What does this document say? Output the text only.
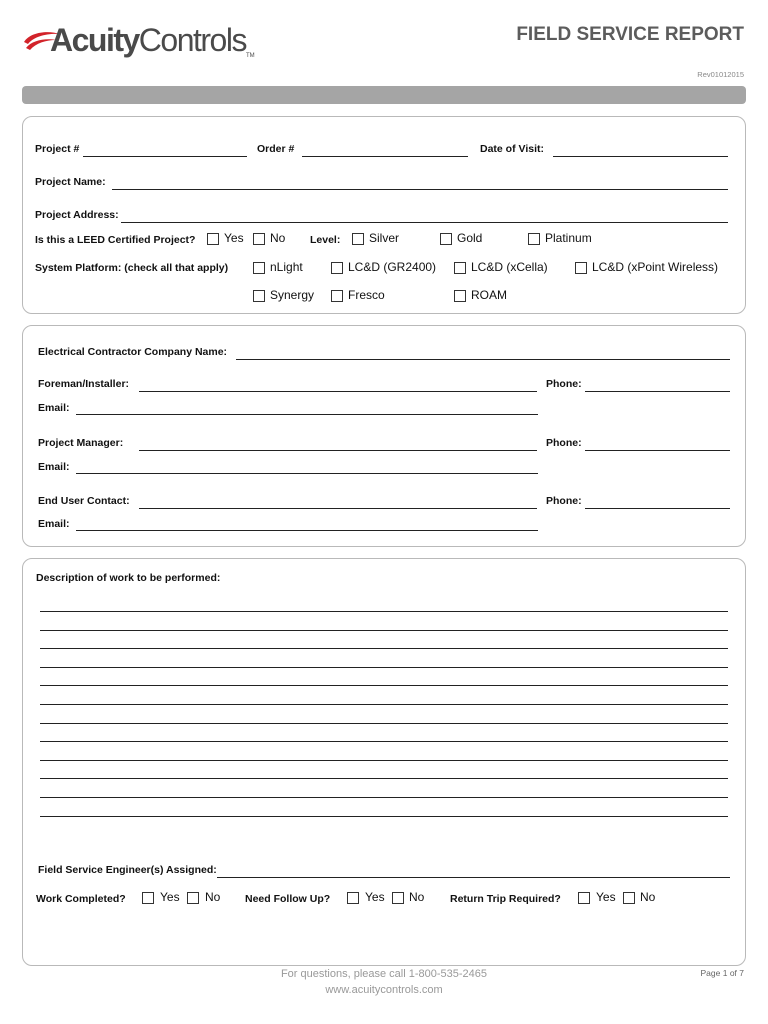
AcuityControlsTM
FIELD SERVICE REPORT
Rev01012015
Project #	Order #	Date of Visit:
Project Name:
Project Address:
Is this a LEED Certified Project? Yes No Level: Silver	Gold	Platinum
System Platform: (check all that apply)	nLight	LC&D (GR2400)	LC&D (xCella)	LC&D (xPoint Wireless)
Synergy	Fresco	ROAM
Electrical Contractor Company Name:
Foreman/Installer:	Phone:
Email:
Project Manager:	Phone:
Email:
End User Contact:	Phone:
Email:
Description of work to be performed:
Field Service Engineer(s) Assigned:
Work Completed?	Yes No Need Follow Up?	Yes No Return Trip Required?	Yes No
For questions, please call 1-800-535-2465
www.acuitycontrols.com
Page 1 of 7
